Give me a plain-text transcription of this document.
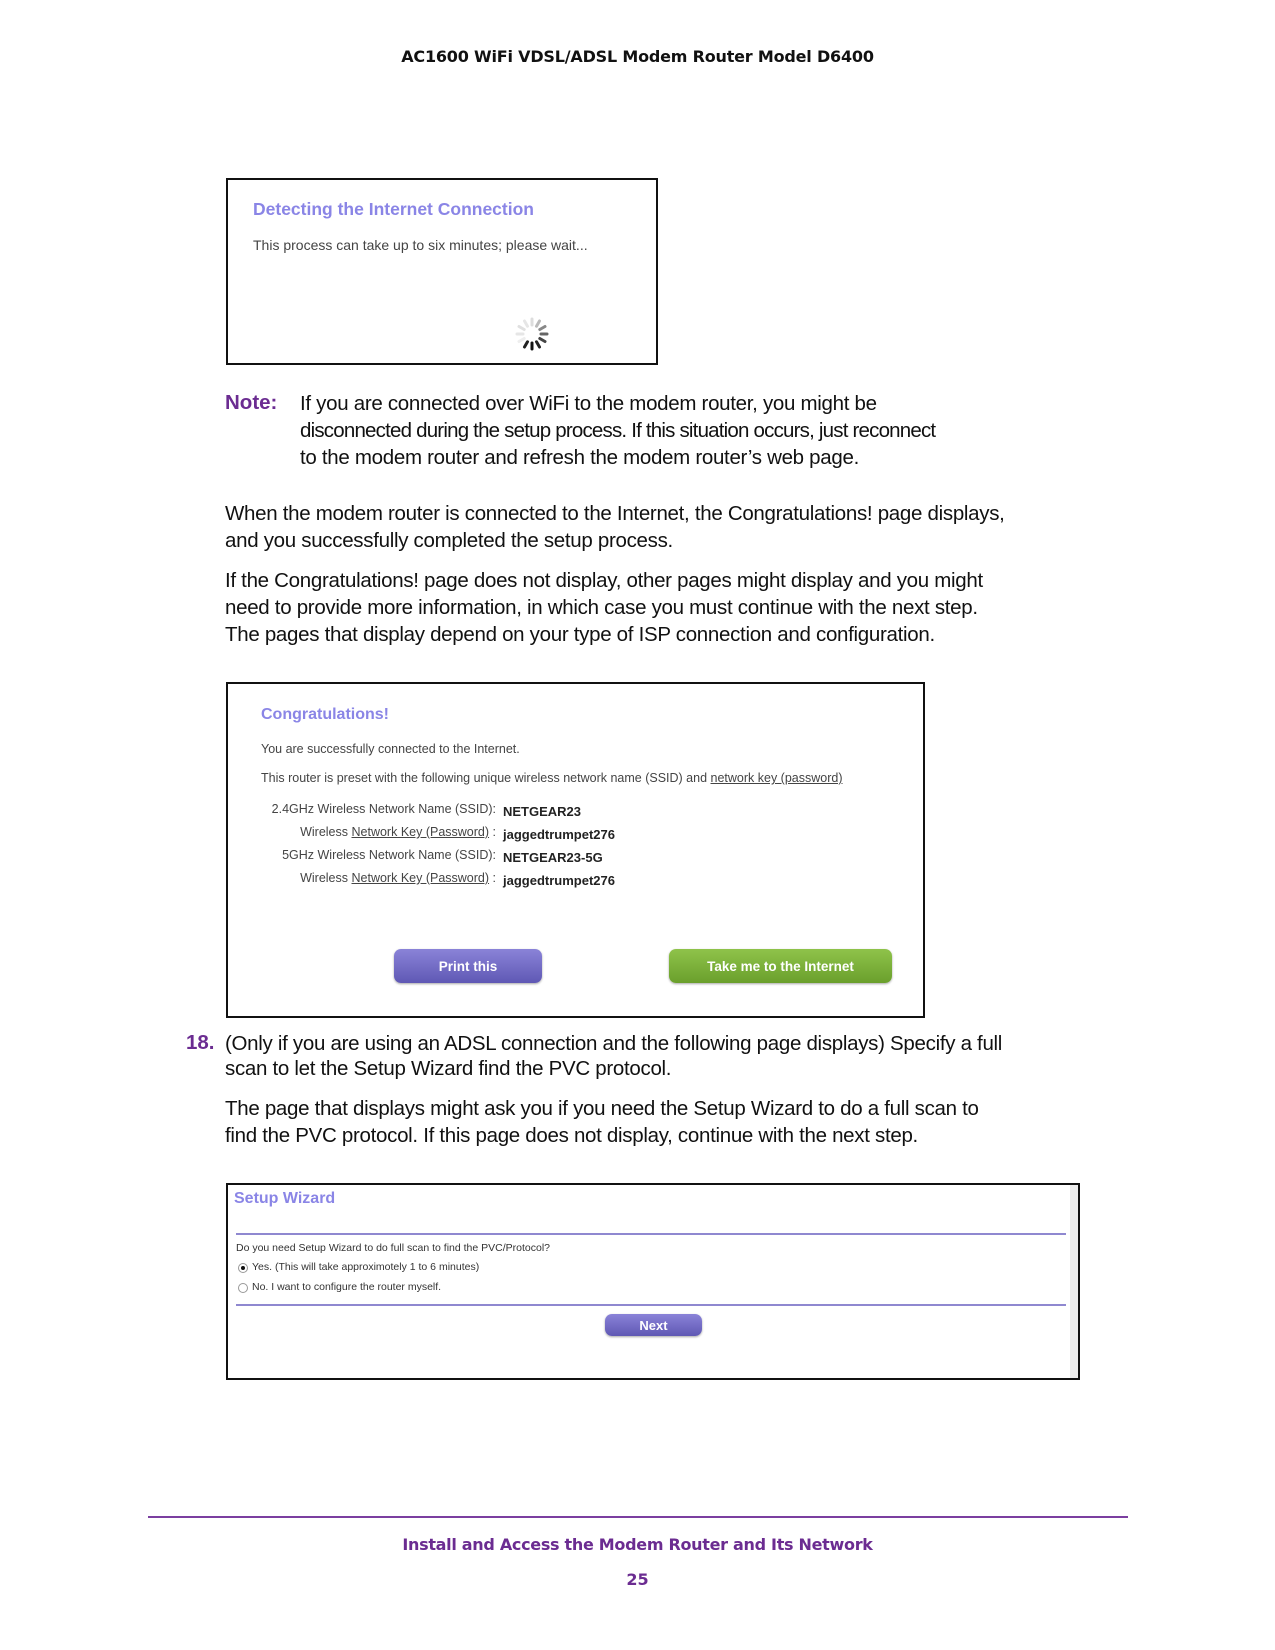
AC1600 WiFi VDSL/ADSL Modem Router Model D6400
Detecting the Internet Connection
This process can take up to six minutes; please wait...
Note: If you are connected over WiFi to the modem router, you might be
disconnected during the setup process. If this situation occurs, just reconnect
to the modem router and refresh the modem router’s web page.
When the modem router is connected to the Internet, the Congratulations! page displays,
and you successfully completed the setup process.
If the Congratulations! page does not display, other pages might display and you might
need to provide more information, in which case you must continue with the next step.
The pages that display depend on your type of ISP connection and configuration.
Congratulations!
You are successfully connected to the Internet.
This router is preset with the following unique wireless network name (SSID) and network key (password)
2.4GHz Wireless Network Name (SSID): NETGEAR23
Wireless Network Key (Password) : jaggedtrumpet276
5GHz Wireless Network Name (SSID): NETGEAR23-5G
Wireless Network Key (Password) : jaggedtrumpet276
Print this	Take me to the Internet
18. (Only if you are using an ADSL connection and the following page displays) Specify a full
scan to let the Setup Wizard find the PVC protocol.
The page that displays might ask you if you need the Setup Wizard to do a full scan to
find the PVC protocol. If this page does not display, continue with the next step.
Setup Wizard
Do you need Setup Wizard to do full scan to find the PVC/Protocol?
Yes. (This will take approximotely 1 to 6 minutes)
No. I want to configure the router myself.
Next
Install and Access the Modem Router and Its Network
25
